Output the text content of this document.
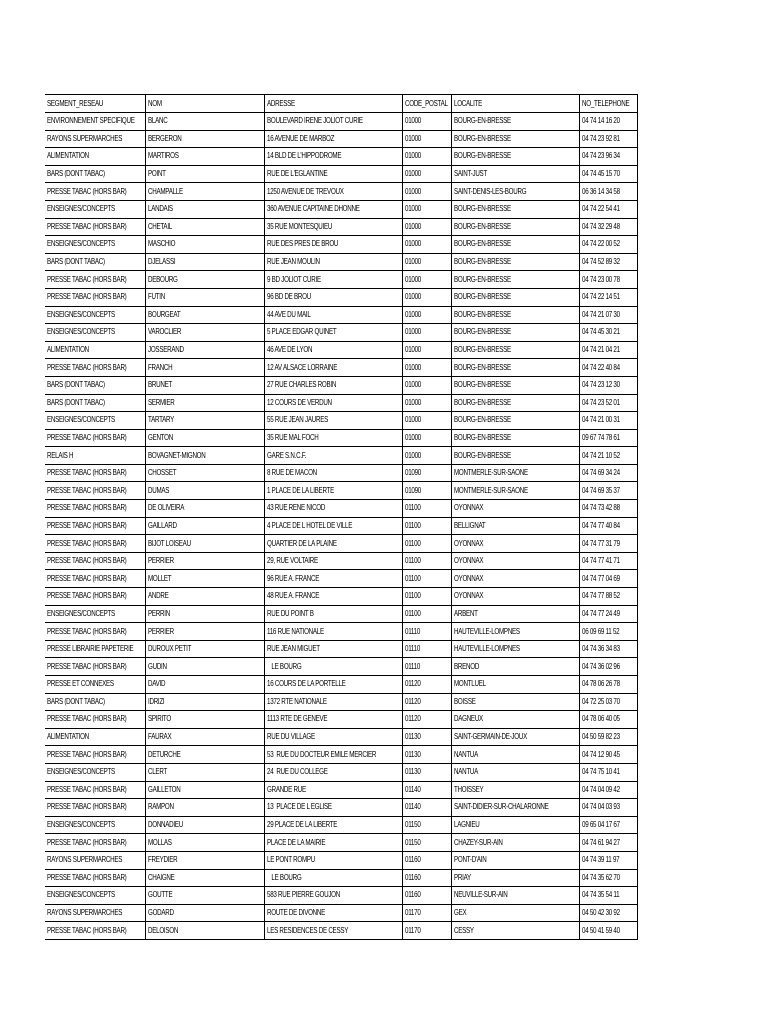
SEGMENT_RESEAU	NOM	ADRESSE	CODE_POSTAL	LOCALITE	NO_TELEPHONE
ENVIRONNEMENT SPECIFIQUE	BLANC	BOULEVARD IRENE JOLIOT CURIE	01000	BOURG-EN-BRESSE	04 74 14 16 20
RAYONS SUPERMARCHES	BERGERON	16 AVENUE DE MARBOZ	01000	BOURG-EN-BRESSE	04 74 23 92 81
ALIMENTATION	MARTIROS	14 BLD DE L'HIPPODROME	01000	BOURG-EN-BRESSE	04 74 23 96 34
BARS (DONT TABAC)	POINT	RUE DE L'EGLANTINE	01000	SAINT-JUST	04 74 45 15 70
PRESSE TABAC (HORS BAR)	CHAMPALLE	1250 AVENUE DE TREVOUX	01000	SAINT-DENIS-LES-BOURG	06 36 14 34 58
ENSEIGNES/CONCEPTS	LANDAIS	360 AVENUE CAPITAINE DHONNE	01000	BOURG-EN-BRESSE	04 74 22 54 41
PRESSE TABAC (HORS BAR)	CHETAIL	35 RUE MONTESQUIEU	01000	BOURG-EN-BRESSE	04 74 32 29 48
ENSEIGNES/CONCEPTS	MASCHIO	RUE DES PRES DE BROU	01000	BOURG-EN-BRESSE	04 74 22 00 52
BARS (DONT TABAC)	DJELASSI	RUE JEAN MOULIN	01000	BOURG-EN-BRESSE	04 74 52 89 32
PRESSE TABAC (HORS BAR)	DEBOURG	9 BD JOLIOT CURIE	01000	BOURG-EN-BRESSE	04 74 23 00 78
PRESSE TABAC (HORS BAR)	FUTIN	96 BD DE BROU	01000	BOURG-EN-BRESSE	04 74 22 14 51
ENSEIGNES/CONCEPTS	BOURGEAT	44 AVE DU MAIL	01000	BOURG-EN-BRESSE	04 74 21 07 30
ENSEIGNES/CONCEPTS	VAROCLIER	5 PLACE EDGAR QUINET	01000	BOURG-EN-BRESSE	04 74 45 30 21
ALIMENTATION	JOSSERAND	46 AVE DE LYON	01000	BOURG-EN-BRESSE	04 74 21 04 21
PRESSE TABAC (HORS BAR)	FRANCH	12 AV ALSACE LORRAINE	01000	BOURG-EN-BRESSE	04 74 22 40 84
BARS (DONT TABAC)	BRUNET	27 RUE CHARLES ROBIN	01000	BOURG-EN-BRESSE	04 74 23 12 30
BARS (DONT TABAC)	SERMIER	12 COURS DE VERDUN	01000	BOURG-EN-BRESSE	04 74 23 52 01
ENSEIGNES/CONCEPTS	TARTARY	55 RUE JEAN JAURES	01000	BOURG-EN-BRESSE	04 74 21 00 31
PRESSE TABAC (HORS BAR)	GENTON	35 RUE MAL FOCH	01000	BOURG-EN-BRESSE	09 67 74 78 61
RELAIS H	BOVAGNET-MIGNON	GARE S.N.C.F.	01000	BOURG-EN-BRESSE	04 74 21 10 52
PRESSE TABAC (HORS BAR)	CHOSSET	8 RUE DE MACON	01090	MONTMERLE-SUR-SAONE	04 74 69 34 24
PRESSE TABAC (HORS BAR)	DUMAS	1 PLACE DE LA LIBERTE	01090	MONTMERLE-SUR-SAONE	04 74 69 35 37
PRESSE TABAC (HORS BAR)	DE OLIVEIRA	43 RUE RENE NICOD	01100	OYONNAX	04 74 73 42 88
PRESSE TABAC (HORS BAR)	GAILLARD	4 PLACE DE L HOTEL DE VILLE	01100	BELLIGNAT	04 74 77 40 84
PRESSE TABAC (HORS BAR)	BIJOT LOISEAU	QUARTIER DE LA PLAINE	01100	OYONNAX	04 74 77 31 79
PRESSE TABAC (HORS BAR)	PERRIER	29, RUE VOLTAIRE	01100	OYONNAX	04 74 77 41 71
PRESSE TABAC (HORS BAR)	MOLLET	96 RUE A. FRANCE	01100	OYONNAX	04 74 77 04 69
PRESSE TABAC (HORS BAR)	ANDRE	48 RUE A. FRANCE	01100	OYONNAX	04 74 77 88 52
ENSEIGNES/CONCEPTS	PERRIN	RUE DU POINT B	01100	ARBENT	04 74 77 24 49
PRESSE TABAC (HORS BAR)	PERRIER	116 RUE NATIONALE	01110	HAUTEVILLE-LOMPNES	06 09 69 11 52
PRESSE LIBRAIRIE PAPETERIE	DUROUX PETIT	RUE JEAN MIGUET	01110	HAUTEVILLE-LOMPNES	04 74 36 34 83
PRESSE TABAC (HORS BAR)	GUDIN	LE BOURG	01110	BRENOD	04 74 36 02 96
PRESSE ET CONNEXES	DAVID	16 COURS DE LA PORTELLE	01120	MONTLUEL	04 78 06 26 78
BARS (DONT TABAC)	IDRIZI	1372 RTE NATIONALE	01120	BOISSE	04 72 25 03 70
PRESSE TABAC (HORS BAR)	SPIRITO	1113 RTE DE GENEVE	01120	DAGNEUX	04 78 06 40 05
ALIMENTATION	FAURAX	RUE DU VILLAGE	01130	SAINT-GERMAIN-DE-JOUX	04 50 59 82 23
PRESSE TABAC (HORS BAR)	DETURCHE	53  RUE DU DOCTEUR EMILE MERCIER	01130	NANTUA	04 74 12 90 45
ENSEIGNES/CONCEPTS	CLERT	24  RUE DU COLLEGE	01130	NANTUA	04 74 75 10 41
PRESSE TABAC (HORS BAR)	GAILLETON	GRANDE RUE	01140	THOISSEY	04 74 04 09 42
PRESSE TABAC (HORS BAR)	RAMPON	13  PLACE DE L EGLISE	01140	SAINT-DIDIER-SUR-CHALARONNE	04 74 04 03 93
ENSEIGNES/CONCEPTS	DONNADIEU	29 PLACE DE LA LIBERTE	01150	LAGNIEU	09 65 04 17 67
PRESSE TABAC (HORS BAR)	MOLLAS	PLACE DE LA MAIRIE	01150	CHAZEY-SUR-AIN	04 74 61 94 27
RAYONS SUPERMARCHES	FREYDIER	LE PONT ROMPU	01160	PONT-D'AIN	04 74 39 11 97
PRESSE TABAC (HORS BAR)	CHAIGNE	LE BOURG	01160	PRIAY	04 74 35 62 70
ENSEIGNES/CONCEPTS	GOUTTE	583 RUE PIERRE GOUJON	01160	NEUVILLE-SUR-AIN	04 74 35 54 11
RAYONS SUPERMARCHES	GODARD	ROUTE DE DIVONNE	01170	GEX	04 50 42 30 92
PRESSE TABAC (HORS BAR)	DELOISON	LES RESIDENCES DE CESSY	01170	CESSY	04 50 41 59 40
